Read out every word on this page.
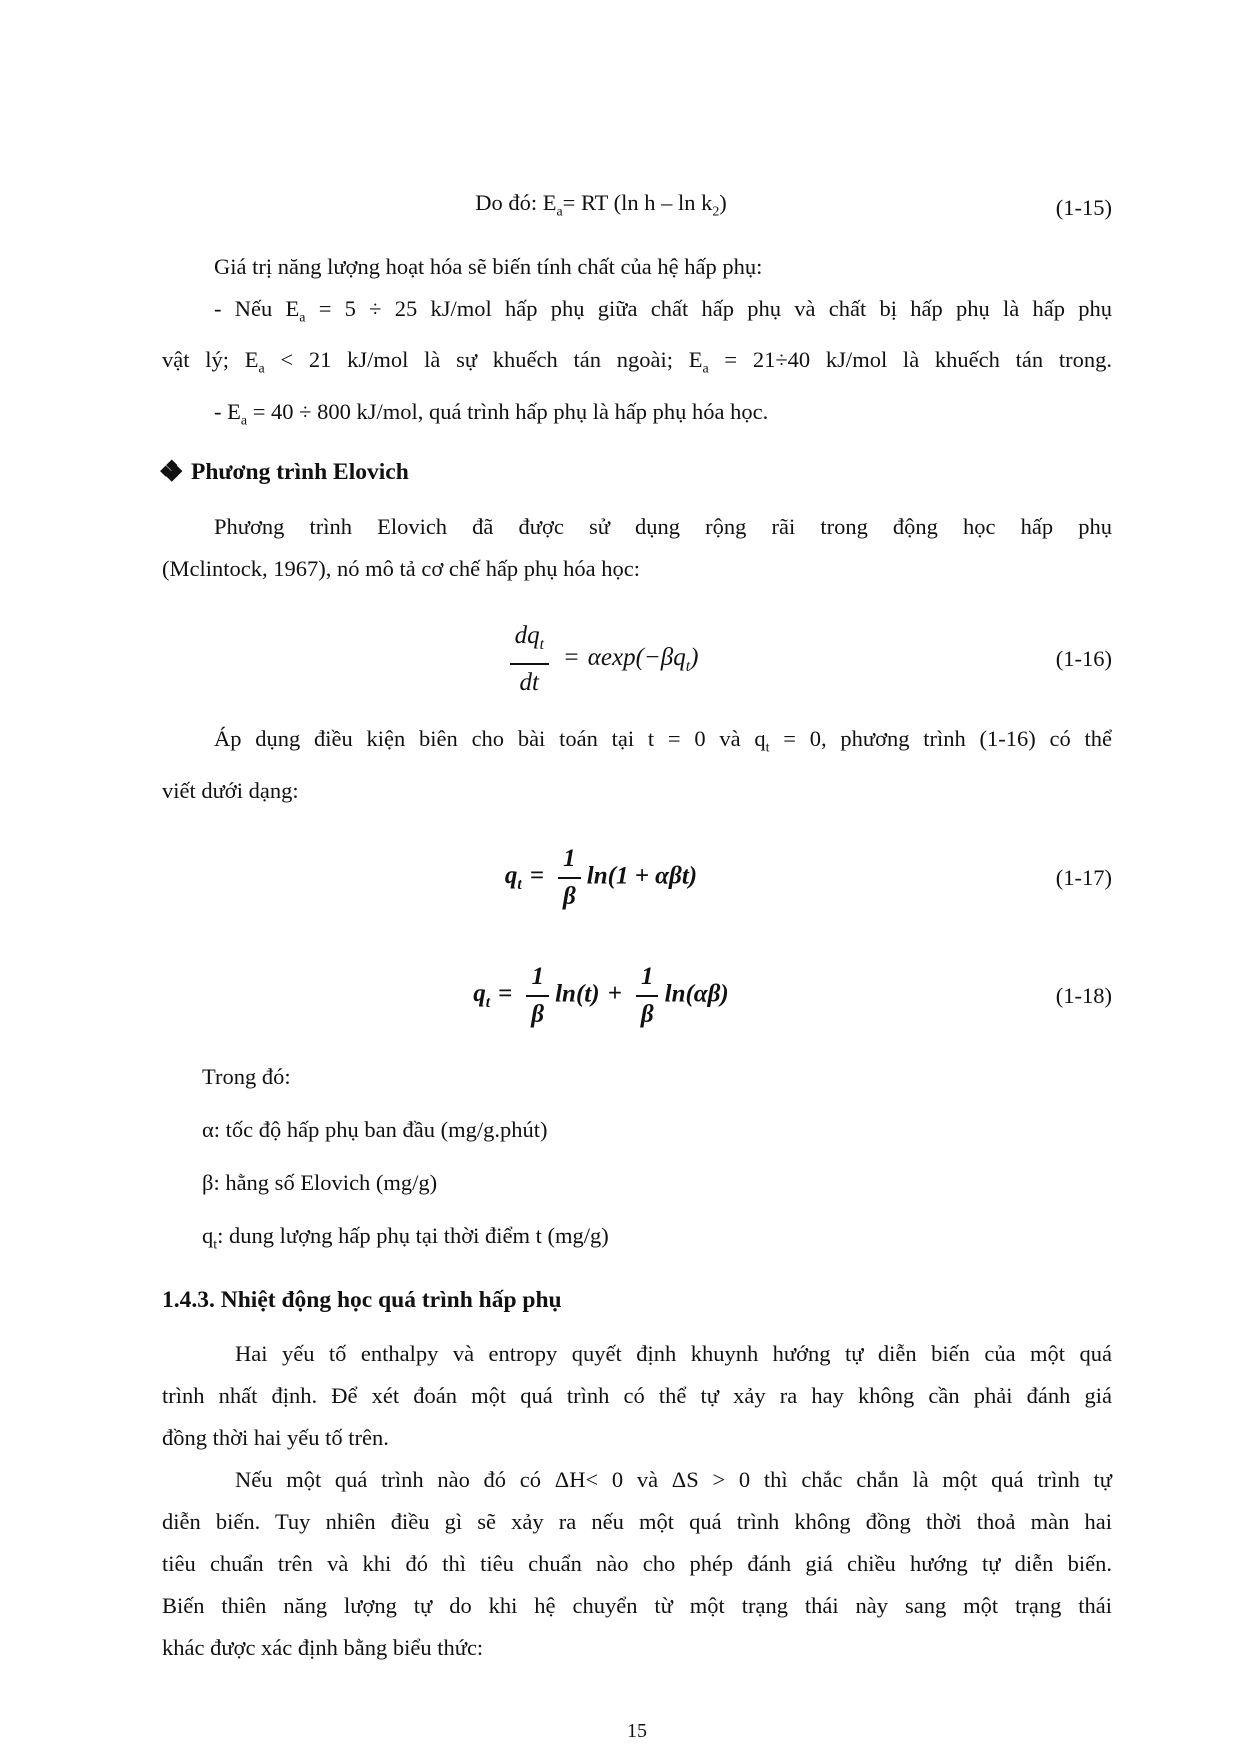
Do đó: $E_a=$ RT (ln h – $\ln k_2$)	(1-15)
Giá trị năng lượng hoạt hóa sẽ biến tính chất của hệ hấp phụ:
- Nếu $E_a = 5 \div 25$ kJ/mol hấp phụ giữa chất hấp phụ và chất bị hấp phụ là hấp phụ
vật lý; $E_a < 21$ kJ/mol là sự khuếch tán ngoài; $E_a = 21\div 40$ kJ/mol là khuếch tán trong.
- $E_a = 40 \div 800$ kJ/mol, quá trình hấp phụ là hấp phụ hóa học.
Phương trình Elovich
Phương trình Elovich đã được sử dụng rộng rãi trong động học hấp phụ
(Mclintock, 1967), nó mô tả cơ chế hấp phụ hóa học:
$\frac{dq_t}{dt} = \alpha\exp(-\beta q_t)$	(1-16)
Áp dụng điều kiện biên cho bài toán tại t = 0 và $q_t = 0$, phương trình (1-16) có thể
viết dưới dạng:
$q_t = \frac{1}{\beta} \ln(1 + \alpha\beta t)$	(1-17)
$q_t = \frac{1}{\beta} \ln(t) + \frac{1}{\beta} \ln(\alpha\beta)$	(1-18)
Trong đó:
α: tốc độ hấp phụ ban đầu (mg/g.phút)
β: hằng số Elovich (mg/g)
$q_t$: dung lượng hấp phụ tại thời điểm t (mg/g)
1.4.3. Nhiệt động học quá trình hấp phụ
Hai yếu tố enthalpy và entropy quyết định khuynh hướng tự diễn biến của một quá
trình nhất định. Để xét đoán một quá trình có thể tự xảy ra hay không cần phải đánh giá
đồng thời hai yếu tố trên.
Nếu một quá trình nào đó có ΔH< 0 và ΔS > 0 thì chắc chắn là một quá trình tự
diễn biến. Tuy nhiên điều gì sẽ xảy ra nếu một quá trình không đồng thời thoả màn hai
tiêu chuẩn trên và khi đó thì tiêu chuẩn nào cho phép đánh giá chiều hướng tự diễn biến.
Biến thiên năng lượng tự do khi hệ chuyển từ một trạng thái này sang một trạng thái
khác được xác định bằng biểu thức:
15
